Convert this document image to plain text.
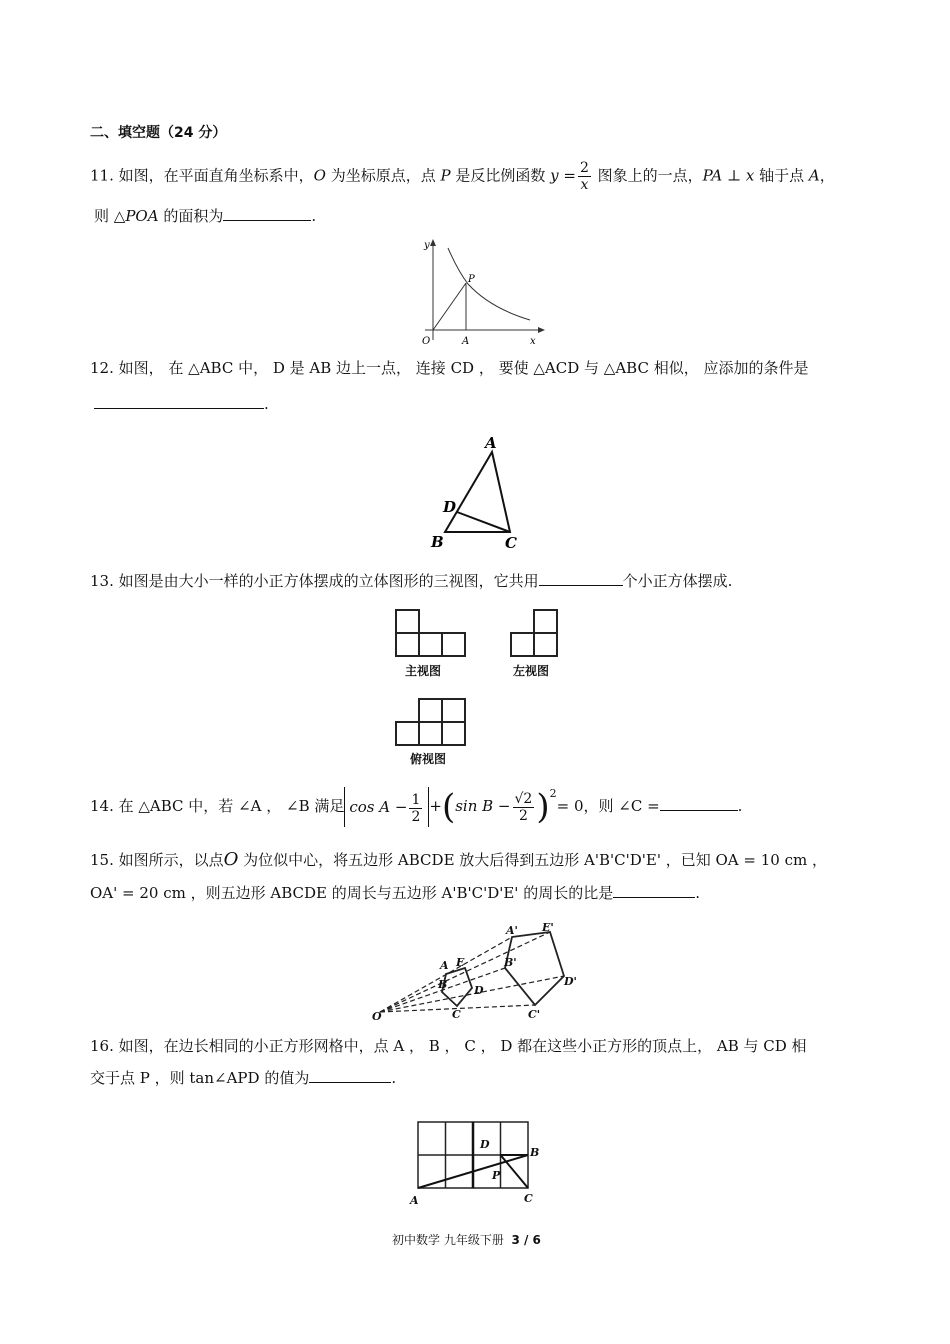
二、填空题（24 分）
11. 如图，在平面直角坐标系中，O 为坐标原点，点 P 是反比例函数 $y = \frac{2}{x}$ 图象上的一点，PA ⊥ x 轴于点 A，
则 △POA 的面积为	.
y
P
O	A	x
12. 如图， 在 △ABC 中， D 是 AB 边上一点， 连接 CD ， 要使 △ACD 与 △ABC 相似， 应添加的条件是
.
A
D
B	C
13. 如图是由大小一样的小正方体摆成的立体图形的三视图，它共用	个小正方体摆成.
主视图	左视图
俯视图
14. 在 △ABC 中，若 ∠A ， ∠B 满足 $\cos A - \frac{1}{2} +(\sin$ $B - \frac{√2}{2} )^2= 0$，则 ∠C =	.
15. 如图所示，以点O 为位似中心，将五边形 ABCDE 放大后得到五边形 A'B'C'D'E' ，已知 OA = 10 cm ，
OA' = 20 cm ，则五边形 ABCDE 的周长与五边形 A'B'C'D'E' 的周长的比是	.
O
A E
B D
C
A' E'
B'
D'
C'
16. 如图，在边长相同的小正方形网格中，点 A ， B ， C ， D 都在这些小正方形的顶点上， AB 与 CD 相
交于点 P ，则 tan∠APD 的值为	.
D
B
P
A	C
初中数学 九年级下册 3 / 6
